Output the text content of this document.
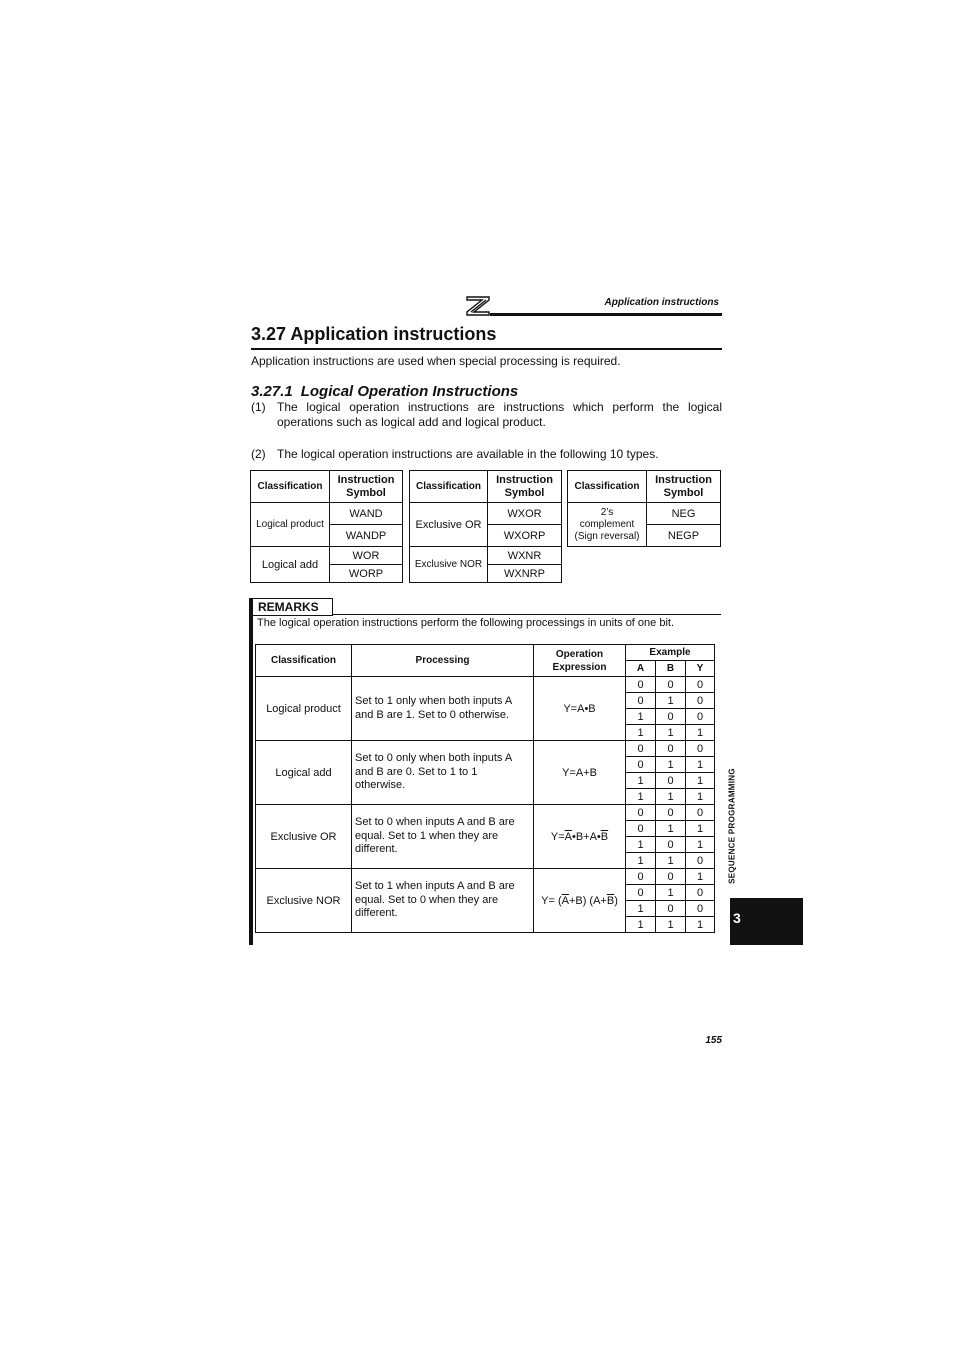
Application instructions
3.27 Application instructions
Application instructions are used when special processing is required.
3.27.1 Logical Operation Instructions
(1) The logical operation instructions are instructions which perform the logical operations such as logical add and logical product.
(2) The logical operation instructions are available in the following 10 types.
Classification	Instruction Symbol
Logical product	WAND
	WANDP
Logical add	WOR
	WORP
Classification	Instruction Symbol
Exclusive OR	WXOR
	WXORP
Exclusive NOR	WXNR
	WXNRP
Classification	Instruction Symbol

2’s
complement
(Sign reversal)	NEG
	NEGP
REMARKS
The logical operation instructions perform the following processings in units of one bit.
Classification	Processing	Operation
Expression	Example		
			A	B	Y
Logical product	Set to 1 only when both inputs A and B are 1. Set to 0 otherwise.	Y=A•B	0	0	0
			0	1	0
			1	0	0
			1	1	1
Logical add	Set to 0 only when both inputs A and B are 0. Set to 1 to 1 otherwise.	Y=A+B	0	0	0
			0	1	1
			1	0	1
			1	1	1
Exclusive OR	Set to 0 when inputs A and B are equal. Set to 1 when they are different.	$Y=\overline{A}•B+A•\overline{B}$	0	0	0
			0	1	1
			1	0	1
			1	1	0
Exclusive NOR	Set to 1 when inputs A and B are equal. Set to 0 when they are different.	$Y= (\overline{A}+B)$ $(A+\overline{B})$	0	0	1
			0	1	0
			1	0	0
			1	1	1
SEQUENCE PROGRAMMING
3
155
